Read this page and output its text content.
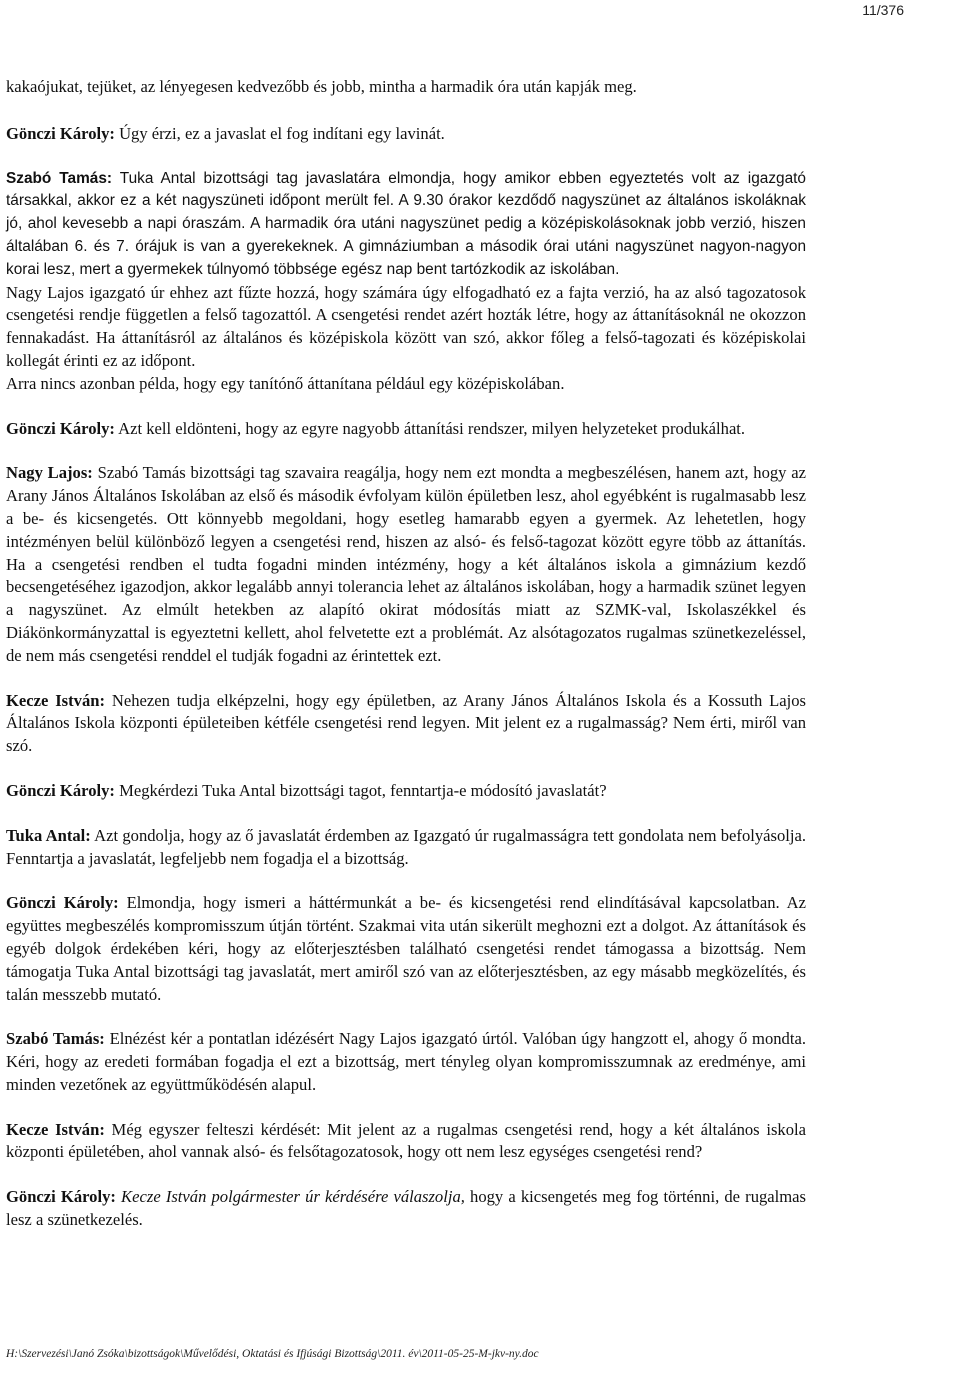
11/376

kakaójukat, tejüket, az lényegesen kedvezőbb és jobb, mintha a harmadik óra után kapják meg.

Gönczi Károly: Úgy érzi, ez a javaslat el fog indítani egy lavinát.

Szabó Tamás: Tuka Antal bizottsági tag javaslatára elmondja, hogy amikor ebben egyeztetés volt az igazgató társakkal, akkor ez a két nagyszüneti időpont merült fel. A 9.30 órakor kezdődő nagyszünet az általános iskoláknak jó, ahol kevesebb a napi óraszám. A harmadik óra utáni nagyszünet pedig a középiskolásoknak jobb verzió, hiszen általában 6. és 7. órájuk is van a gyerekeknek. A gimnáziumban a második órai utáni nagyszünet nagyon-nagyon korai lesz, mert a gyermekek túlnyomó többsége egész nap bent tartózkodik az iskolában.

Nagy Lajos igazgató úr ehhez azt fűzte hozzá, hogy számára úgy elfogadható ez a fajta verzió, ha az alsó tagozatosok csengetési rendje független a felső tagozattól. A csengetési rendet azért hozták létre, hogy az áttanításoknál ne okozzon fennakadást. Ha áttanításról az általános és középiskola között van szó, akkor főleg a felső-tagozati és középiskolai kollegát érinti ez az időpont.

Arra nincs azonban példa, hogy egy tanítónő áttanítana például egy középiskolában.

Gönczi Károly: Azt kell eldönteni, hogy az egyre nagyobb áttanítási rendszer, milyen helyzeteket produkálhat.

Nagy Lajos: Szabó Tamás bizottsági tag szavaira reagálja, hogy nem ezt mondta a megbeszélésen, hanem azt, hogy az Arany János Általános Iskolában az első és második évfolyam külön épületben lesz, ahol egyébként is rugalmasabb lesz a be- és kicsengetés. Ott könnyebb megoldani, hogy esetleg hamarabb egyen a gyermek. Az lehetetlen, hogy intézményen belül különböző legyen a csengetési rend, hiszen az alsó- és felső-tagozat között egyre több az áttanítás. Ha a csengetési rendben el tudta fogadni minden intézmény, hogy a két általános iskola a gimnázium kezdő becsengetéséhez igazodjon, akkor legalább annyi tolerancia lehet az általános iskolában, hogy a harmadik szünet legyen a nagyszünet. Az elmúlt hetekben az alapító okirat módosítás miatt az SZMK-val, Iskolaszékkel és Diákönkormányzattal is egyeztetni kellett, ahol felvetette ezt a problémát. Az alsótagozatos rugalmas szünetkezeléssel, de nem más csengetési renddel el tudják fogadni az érintettek ezt.

Kecze István: Nehezen tudja elképzelni, hogy egy épületben, az Arany János Általános Iskola és a Kossuth Lajos Általános Iskola központi épületeiben kétféle csengetési rend legyen. Mit jelent ez a rugalmasság? Nem érti, miről van szó.

Gönczi Károly: Megkérdezi Tuka Antal bizottsági tagot, fenntartja-e módosító javaslatát?

Tuka Antal: Azt gondolja, hogy az ő javaslatát érdemben az Igazgató úr rugalmasságra tett gondolata nem befolyásolja. Fenntartja a javaslatát, legfeljebb nem fogadja el a bizottság.

Gönczi Károly: Elmondja, hogy ismeri a háttérmunkát a be- és kicsengetési rend elindításával kapcsolatban. Az együttes megbeszélés kompromisszum útján történt. Szakmai vita után sikerült meghozni ezt a dolgot. Az áttanítások és egyéb dolgok érdekében kéri, hogy az előterjesztésben található csengetési rendet támogassa a bizottság. Nem támogatja Tuka Antal bizottsági tag javaslatát, mert amiről szó van az előterjesztésben, az egy másabb megközelítés, és talán messzebb mutató.

Szabó Tamás: Elnézést kér a pontatlan idézésért Nagy Lajos igazgató úrtól. Valóban úgy hangzott el, ahogy ő mondta. Kéri, hogy az eredeti formában fogadja el ezt a bizottság, mert tényleg olyan kompromisszumnak az eredménye, ami minden vezetőnek az együttműködésén alapul.

Kecze István: Még egyszer felteszi kérdését: Mit jelent az a rugalmas csengetési rend, hogy a két általános iskola központi épületében, ahol vannak alsó- és felsőtagozatosok, hogy ott nem lesz egységes csengetési rend?

Gönczi Károly: Kecze István polgármester úr kérdésére válaszolja, hogy a kicsengetés meg fog történni, de rugalmas lesz a szünetkezelés.

H:\Szervezési\Janó Zsóka\bizottságok\Művelődési, Oktatási és Ifjúsági Bizottság\2011. év\2011-05-25-M-jkv-ny.doc
